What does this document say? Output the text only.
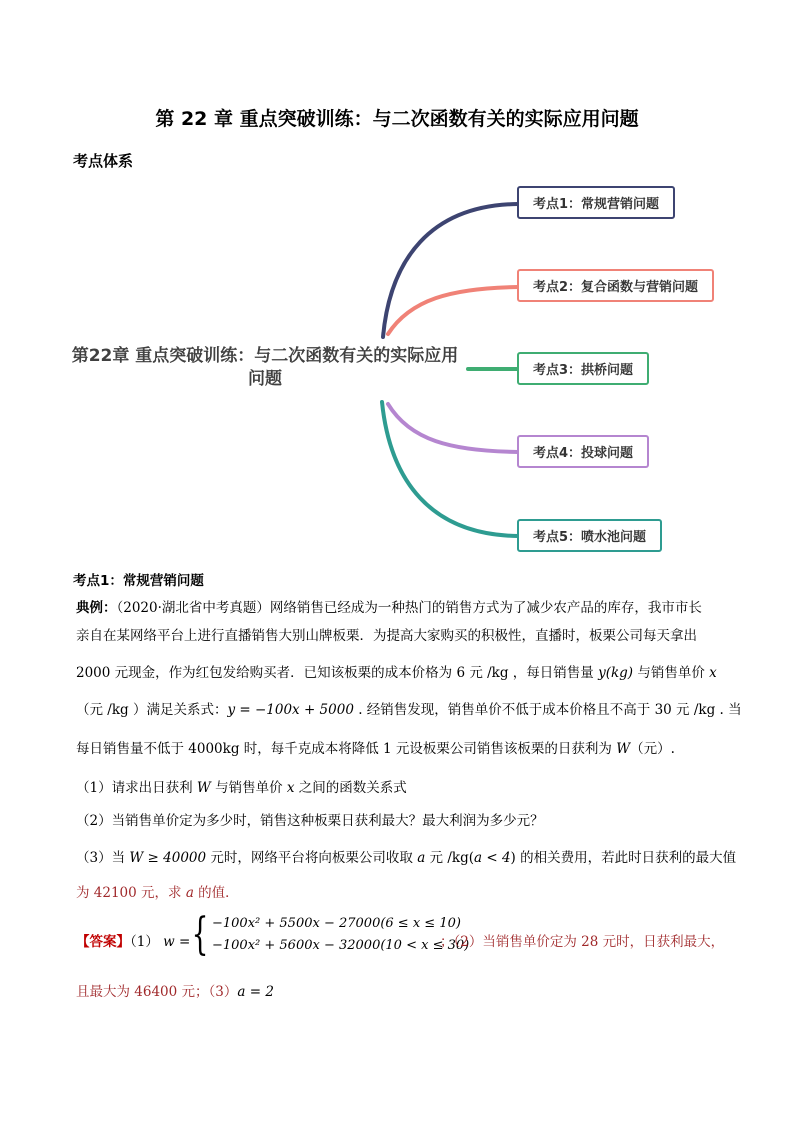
第 22 章 重点突破训练：与二次函数有关的实际应用问题
考点体系
第22章 重点突破训练：与二次函数有关的实际应用问题
考点1：常规营销问题
考点2：复合函数与营销问题
考点3：拱桥问题
考点4：投球问题
考点5：喷水池问题
考点1：常规营销问题
典例：（2020·湖北省中考真题）网络销售已经成为一种热门的销售方式为了减少农产品的库存，我市市长
亲自在某网络平台上进行直播销售大别山牌板栗．为提高大家购买的积极性，直播时，板栗公司每天拿出
2000 元现金，作为红包发给购买者．已知该板栗的成本价格为 6 元 /kg ，每日销售量 y(kg) 与销售单价 x
（元 /kg ）满足关系式：y = −100x + 5000 . 经销售发现，销售单价不低于成本价格且不高于 30 元 /kg . 当
每日销售量不低于 4000kg 时，每千克成本将降低 1 元设板栗公司销售该板栗的日获利为 W（元）.
（1）请求出日获利 W 与销售单价 x 之间的函数关系式
（2）当销售单价定为多少时，销售这种板栗日获利最大？最大利润为多少元？
（3）当 W ≥ 40000 元时，网络平台将向板栗公司收取 a 元 /kg(a < 4) 的相关费用，若此时日获利的最大值
为 42100 元，求 a 的值．
【答案】（1） w = { −100x² + 5500x − 27000(6 ≤ x ≤ 10)
−100x² + 5600x − 32000(10 < x ≤ 30)
；（2）当销售单价定为 28 元时，日获利最大，
且最大为 46400 元；（3）a = 2
